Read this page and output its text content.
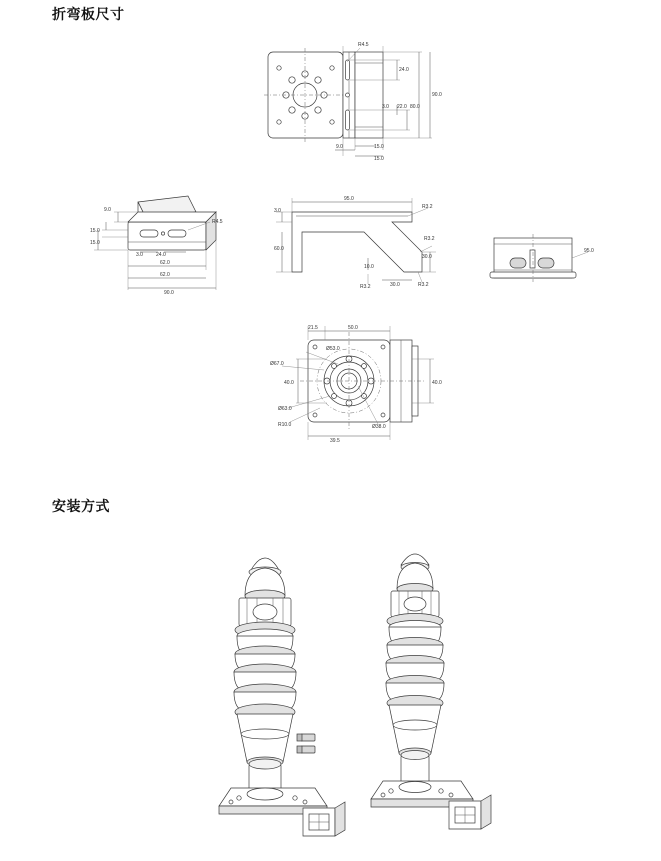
折弯板尺寸
R4.5
24.0
3.0 22.0 80.0
90.0
9.0	15.0
15.0
R4.5
9.0
15.0
15.0
3.0	24.0
62.0
62.0
90.0
95.0
R3.2
3.0
60.0
R3.2
30.0
10.0
R3.2	30.0	R3.2
95.0
21.5	50.0
Ø53.0
Ø67.0
Ø63.0
R10.0	Ø38.0
40.0
40.0
39.5
安装方式
